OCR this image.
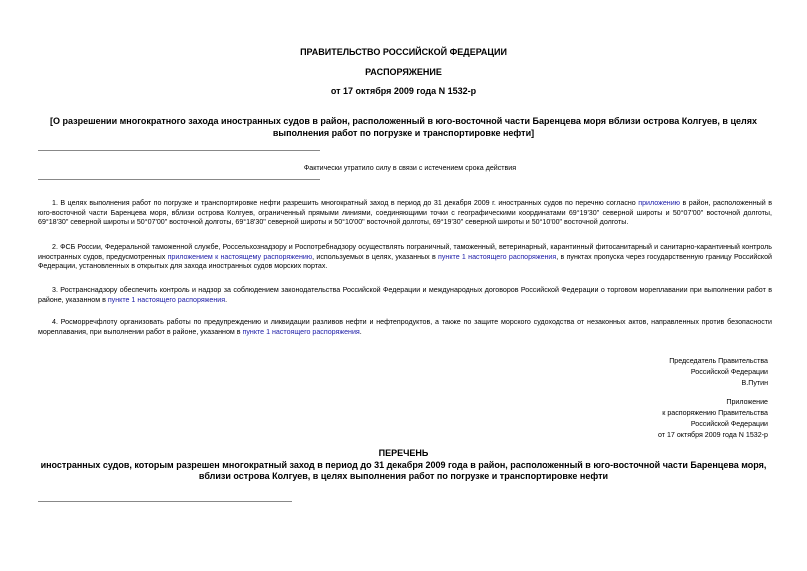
ПРАВИТЕЛЬСТВО РОССИЙСКОЙ ФЕДЕРАЦИИ
РАСПОРЯЖЕНИЕ
от 17 октября 2009 года N 1532-р
[О разрешении многократного захода иностранных судов в район, расположенный в юго-восточной части Баренцева моря вблизи острова Колгуев, в целях
выполнения работ по погрузке и транспортировке нефти]
Фактически утратило силу в связи с истечением срока действия
1. В целях выполнения работ по погрузке и транспортировке нефти разрешить многократный заход в период до 31 декабря 2009 г. иностранных судов по перечню согласно приложению в район, расположенный в юго-восточной части Баренцева моря, вблизи острова Колгуев, ограниченный прямыми линиями, соединяющими точки с географическими координатами 69°19'30" северной широты и 50°07'00" восточной долготы, 69°18'30" северной широты и 50°07'00" восточной долготы, 69°18'30" северной широты и 50°10'00" восточной долготы, 69°19'30" северной широты и 50°10'00" восточной долготы.
2. ФСБ России, Федеральной таможенной службе, Россельхознадзору и Роспотребнадзору осуществлять пограничный, таможенный, ветеринарный, карантинный фитосанитарный и санитарно-карантинный контроль иностранных судов, предусмотренных приложением к настоящему распоряжению, используемых в целях, указанных в пункте 1 настоящего распоряжения, в пунктах пропуска через государственную границу Российской Федерации, установленных в открытых для захода иностранных судов морских портах.
3. Ространснадзору обеспечить контроль и надзор за соблюдением законодательства Российской Федерации и международных договоров Российской Федерации о торговом мореплавании при выполнении работ в районе, указанном в пункте 1 настоящего распоряжения.
4. Росморречфлоту организовать работы по предупреждению и ликвидации разливов нефти и нефтепродуктов, а также по защите морского судоходства от незаконных актов, направленных против безопасности мореплавания, при выполнении работ в районе, указанном в пункте 1 настоящего распоряжения.
Председатель Правительства
Российской Федерации
В.Путин
Приложение
к распоряжению Правительства
Российской Федерации
от 17 октября 2009 года N 1532-р
ПЕРЕЧЕНЬ
иностранных судов, которым разрешен многократный заход в период до 31 декабря 2009 года в район, расположенный в юго-восточной части Баренцева моря,
вблизи острова Колгуев, в целях выполнения работ по погрузке и транспортировке нефти
